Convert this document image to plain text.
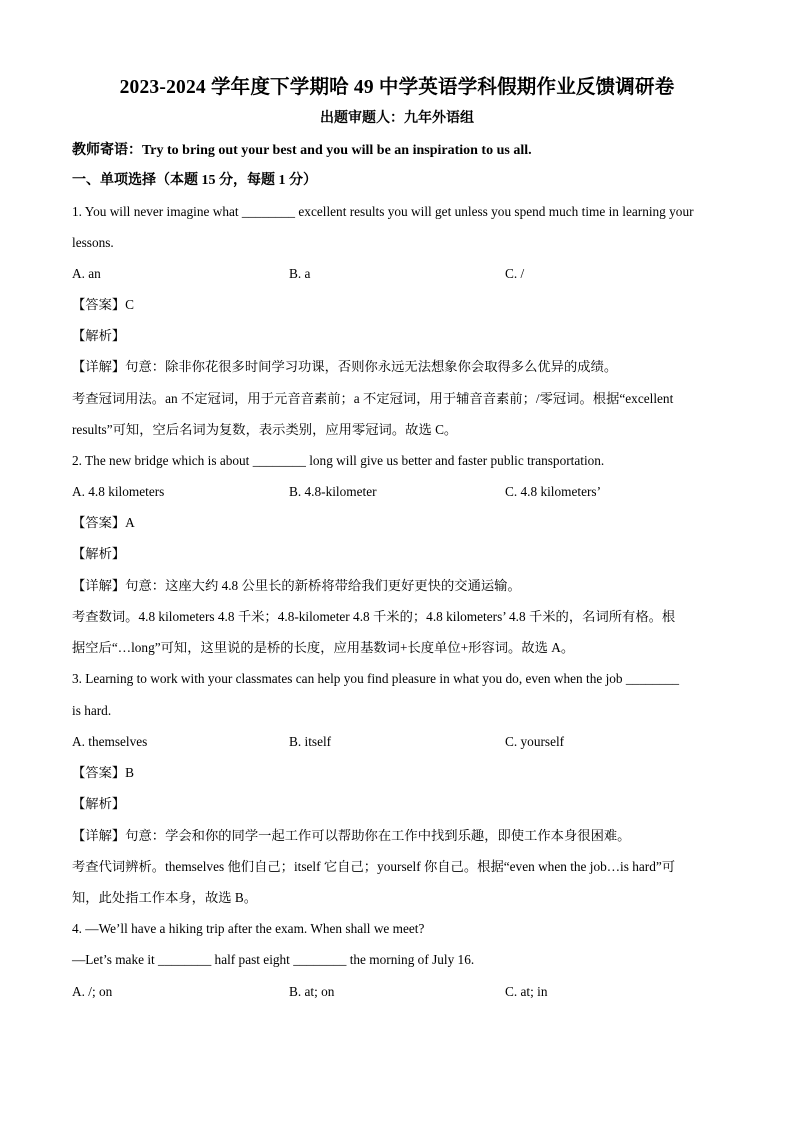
2023-2024 学年度下学期哈 49 中学英语学科假期作业反馈调研卷
出题审题人：九年外语组
教师寄语：Try to bring out your best and you will be an inspiration to us all.
一、单项选择（本题 15 分，每题 1 分）
1. You will never imagine what ________ excellent results you will get unless you spend much time in learning your
lessons.
A. an	B. a	C. /
【答案】C
【解析】
【详解】句意：除非你花很多时间学习功课，否则你永远无法想象你会取得多么优异的成绩。
考查冠词用法。an 不定冠词，用于元音音素前；a 不定冠词，用于辅音音素前；/零冠词。根据“excellent
results”可知，空后名词为复数，表示类别，应用零冠词。故选 C。
2. The new bridge which is about ________ long will give us better and faster public transportation.
A. 4.8 kilometers	B. 4.8-kilometer	C. 4.8 kilometers’
【答案】A
【解析】
【详解】句意：这座大约 4.8 公里长的新桥将带给我们更好更快的交通运输。
考查数词。4.8 kilometers 4.8 千米；4.8-kilometer 4.8 千米的；4.8 kilometers’ 4.8 千米的，名词所有格。根
据空后“…long”可知，这里说的是桥的长度，应用基数词+长度单位+形容词。故选 A。
3. Learning to work with your classmates can help you find pleasure in what you do, even when the job ________
is hard.
A. themselves	B. itself	C. yourself
【答案】B
【解析】
【详解】句意：学会和你的同学一起工作可以帮助你在工作中找到乐趣，即使工作本身很困难。
考查代词辨析。themselves 他们自己；itself 它自己；yourself 你自己。根据“even when the job…is hard”可
知，此处指工作本身，故选 B。
4. —We’ll have a hiking trip after the exam. When shall we meet?
—Let’s make it ________ half past eight ________ the morning of July 16.
A. /; on	B. at; on	C. at; in
